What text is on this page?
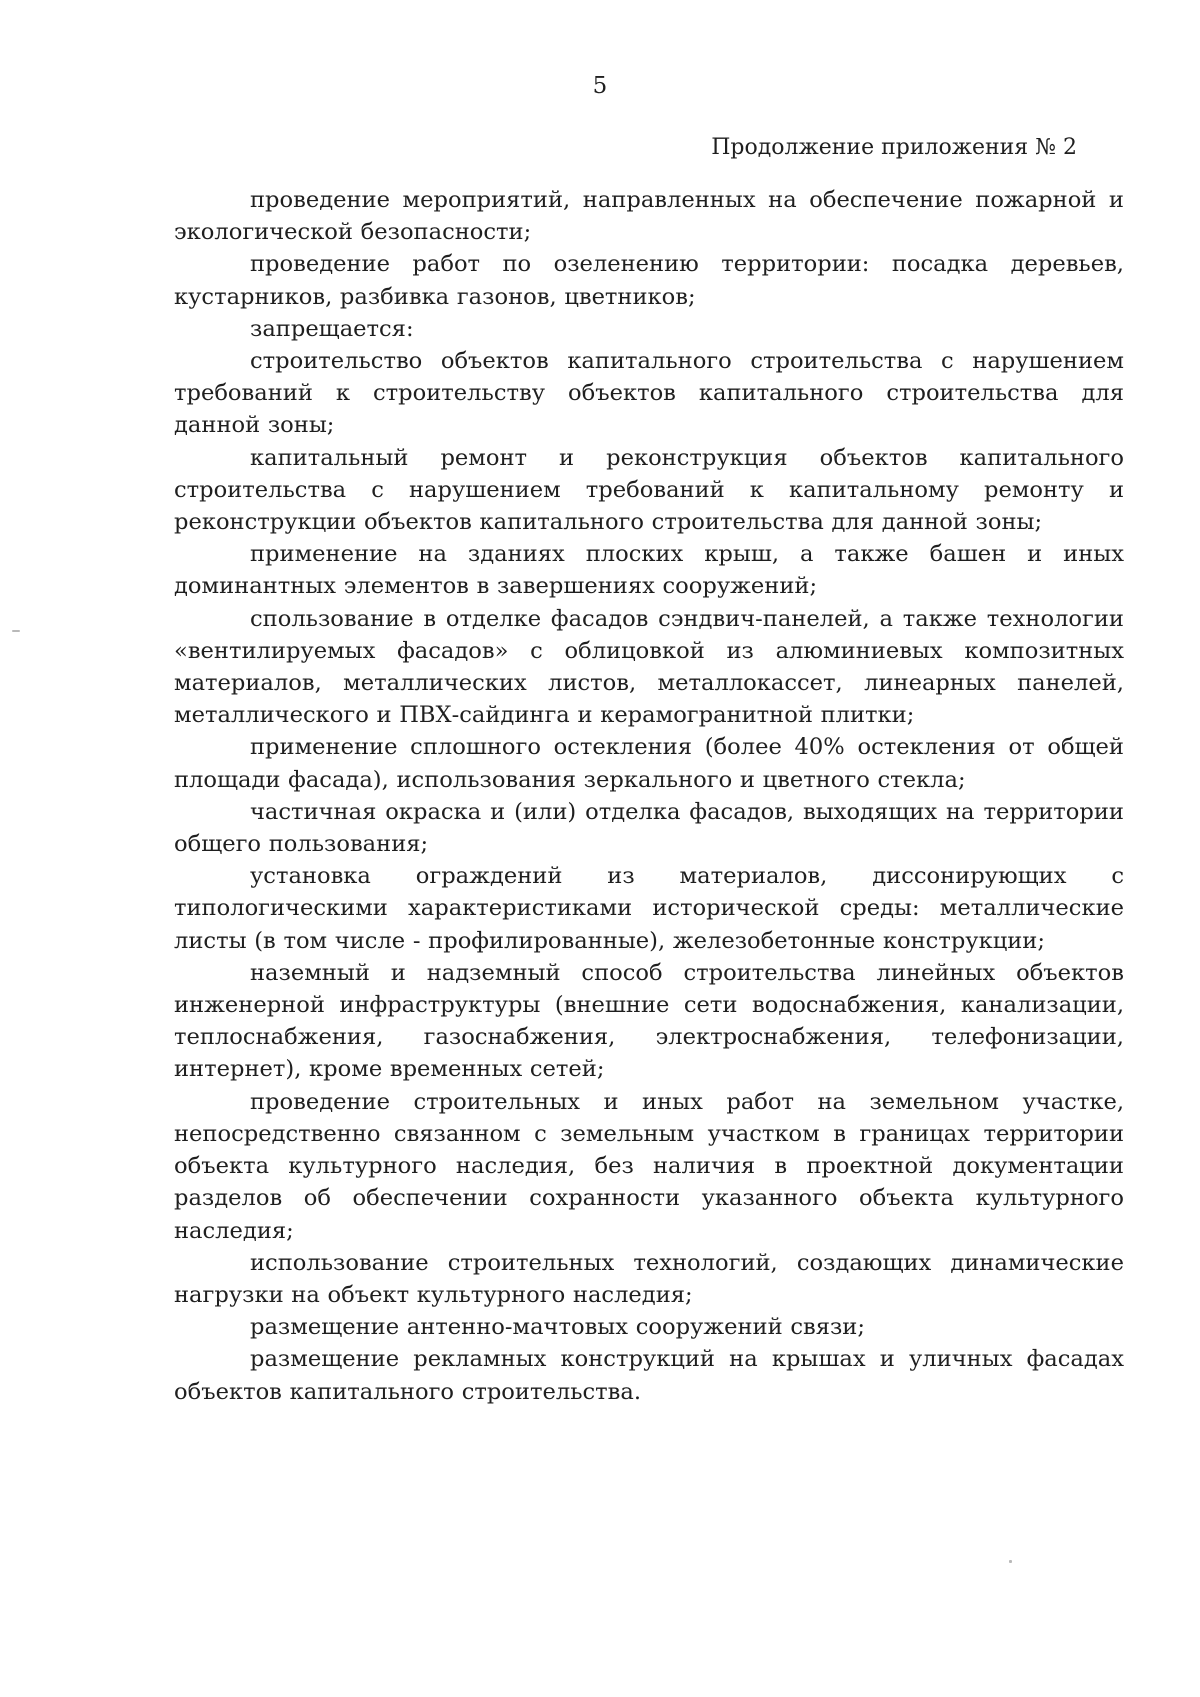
5
Продолжение приложения № 2

проведение мероприятий, направленных на обеспечение пожарной и экологической безопасности;

проведение работ по озеленению территории: посадка деревьев, кустарников, разбивка газонов, цветников;

запрещается:

строительство объектов капитального строительства с нарушением требований к строительству объектов капитального строительства для данной зоны;

капитальный ремонт и реконструкция объектов капитального строительства с нарушением требований к капитальному ремонту и реконструкции объектов капитального строительства для данной зоны;

применение на зданиях плоских крыш, а также башен и иных доминантных элементов в завершениях сооружений;

спользование в отделке фасадов сэндвич-панелей, а также технологии «вентилируемых фасадов» с облицовкой из алюминиевых композитных материалов, металлических листов, металлокассет, линеарных панелей, металлического и ПВХ-сайдинга и керамогранитной плитки;

применение сплошного остекления (более 40% остекления от общей площади фасада), использования зеркального и цветного стекла;

частичная окраска и (или) отделка фасадов, выходящих на территории общего пользования;

установка ограждений из материалов, диссонирующих с типологическими характеристиками исторической среды: металлические листы (в том числе - профилированные), железобетонные конструкции;

наземный и надземный способ строительства линейных объектов инженерной инфраструктуры (внешние сети водоснабжения, канализации, теплоснабжения, газоснабжения, электроснабжения, телефонизации, интернет), кроме временных сетей;

проведение строительных и иных работ на земельном участке, непосредственно связанном с земельным участком в границах территории объекта культурного наследия, без наличия в проектной документации разделов об обеспечении сохранности указанного объекта культурного наследия;

использование строительных технологий, создающих динамические нагрузки на объект культурного наследия;

размещение антенно-мачтовых сооружений связи;

размещение рекламных конструкций на крышах и уличных фасадах объектов капитального строительства.
